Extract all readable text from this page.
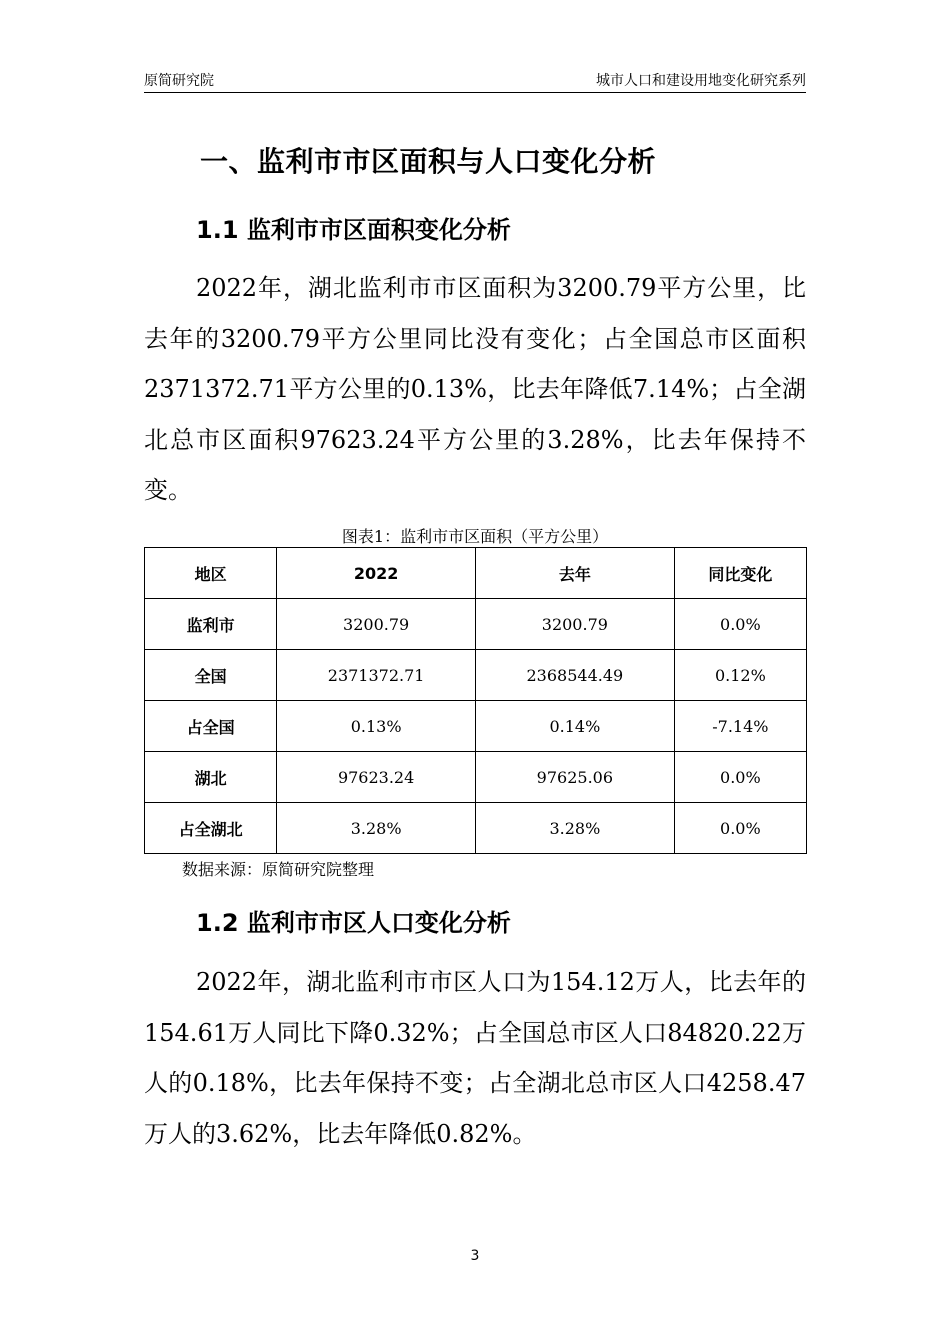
原简研究院	城市人口和建设用地变化研究系列
一、监利市市区面积与人口变化分析
1.1 监利市市区面积变化分析
2022年，湖北监利市市区面积为3200.79平方公里，比去年的3200.79平方公里同比没有变化；占全国总市区面积2371372.71平方公里的0.13%，比去年降低7.14%；占全湖北总市区面积97623.24平方公里的3.28%，比去年保持不变。
图表1：监利市市区面积（平方公里）
地区	2022	去年	同比变化
监利市	3200.79	3200.79	0.0%
全国	2371372.71	2368544.49	0.12%
占全国	0.13%	0.14%	-7.14%
湖北	97623.24	97625.06	0.0%
占全湖北	3.28%	3.28%	0.0%
数据来源：原简研究院整理
1.2 监利市市区人口变化分析
2022年，湖北监利市市区人口为154.12万人，比去年的154.61万人同比下降0.32%；占全国总市区人口84820.22万人的0.18%，比去年保持不变；占全湖北总市区人口4258.47万人的3.62%，比去年降低0.82%。
3
